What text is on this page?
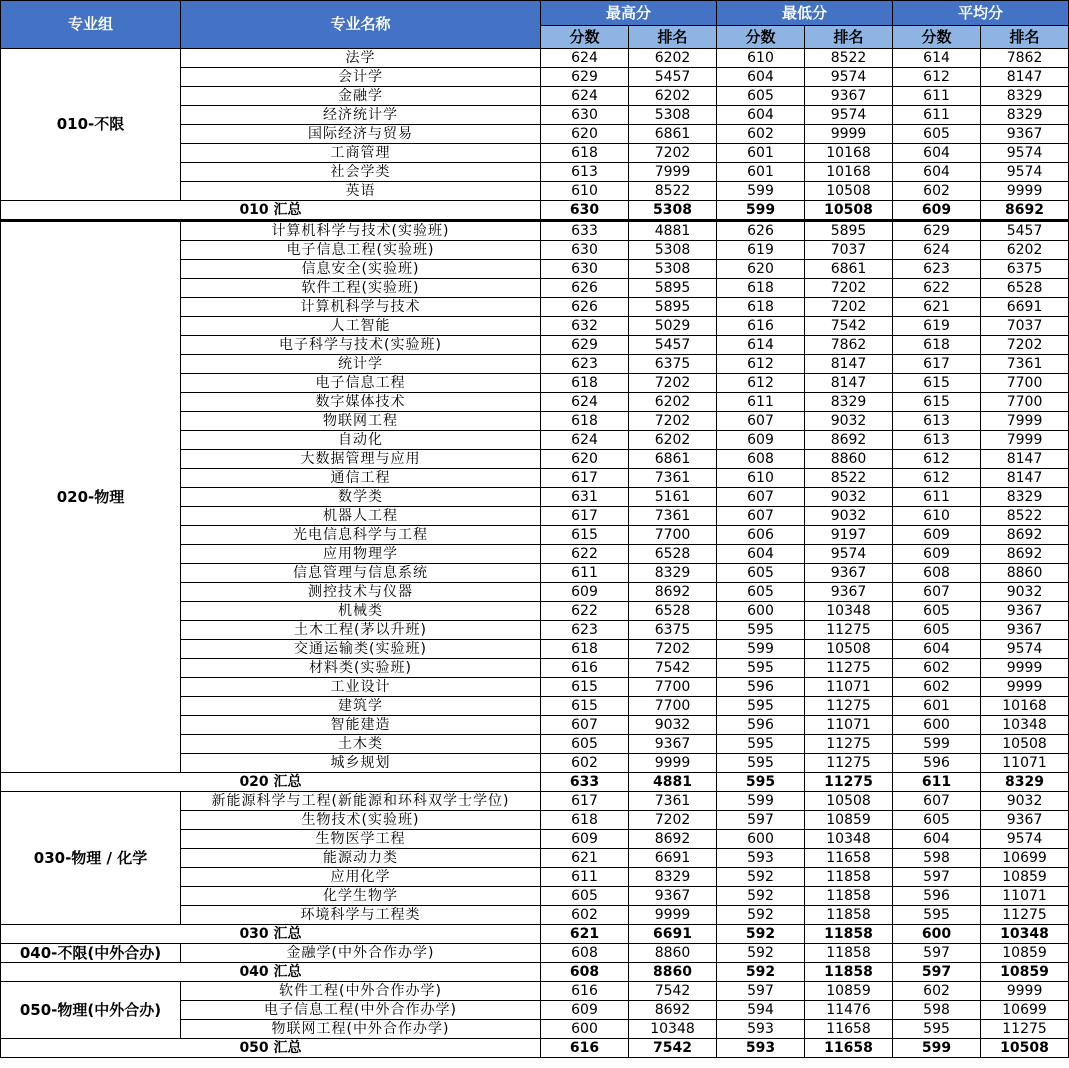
专业组	专业名称	最高分		最低分		平均分	
		分数	排名	分数	排名	分数	排名
010-不限	法学	624	6202	610	8522	614	7862
	会计学	629	5457	604	9574	612	8147
	金融学	624	6202	605	9367	611	8329
	经济统计学	630	5308	604	9574	611	8329
	国际经济与贸易	620	6861	602	9999	605	9367
	工商管理	618	7202	601	10168	604	9574
	社会学类	613	7999	601	10168	604	9574
	英语	610	8522	599	10508	602	9999
010 汇总		630	5308	599	10508	609	8692
020-物理	计算机科学与技术(实验班)	633	4881	626	5895	629	5457
	电子信息工程(实验班)	630	5308	619	7037	624	6202
	信息安全(实验班)	630	5308	620	6861	623	6375
	软件工程(实验班)	626	5895	618	7202	622	6528
	计算机科学与技术	626	5895	618	7202	621	6691
	人工智能	632	5029	616	7542	619	7037
	电子科学与技术(实验班)	629	5457	614	7862	618	7202
	统计学	623	6375	612	8147	617	7361
	电子信息工程	618	7202	612	8147	615	7700
	数字媒体技术	624	6202	611	8329	615	7700
	物联网工程	618	7202	607	9032	613	7999
	自动化	624	6202	609	8692	613	7999
	大数据管理与应用	620	6861	608	8860	612	8147
	通信工程	617	7361	610	8522	612	8147
	数学类	631	5161	607	9032	611	8329
	机器人工程	617	7361	607	9032	610	8522
	光电信息科学与工程	615	7700	606	9197	609	8692
	应用物理学	622	6528	604	9574	609	8692
	信息管理与信息系统	611	8329	605	9367	608	8860
	测控技术与仪器	609	8692	605	9367	607	9032
	机械类	622	6528	600	10348	605	9367
	土木工程(茅以升班)	623	6375	595	11275	605	9367
	交通运输类(实验班)	618	7202	599	10508	604	9574
	材料类(实验班)	616	7542	595	11275	602	9999
	工业设计	615	7700	596	11071	602	9999
	建筑学	615	7700	595	11275	601	10168
	智能建造	607	9032	596	11071	600	10348
	土木类	605	9367	595	11275	599	10508
	城乡规划	602	9999	595	11275	596	11071
020 汇总		633	4881	595	11275	611	8329
030-物理 / 化学	新能源科学与工程(新能源和环科双学士学位)	617	7361	599	10508	607	9032
	生物技术(实验班)	618	7202	597	10859	605	9367
	生物医学工程	609	8692	600	10348	604	9574
	能源动力类	621	6691	593	11658	598	10699
	应用化学	611	8329	592	11858	597	10859
	化学生物学	605	9367	592	11858	596	11071
	环境科学与工程类	602	9999	592	11858	595	11275
030 汇总		621	6691	592	11858	600	10348
040-不限(中外合办)	金融学(中外合作办学)	608	8860	592	11858	597	10859
040 汇总		608	8860	592	11858	597	10859
050-物理(中外合办)	软件工程(中外合作办学)	616	7542	597	10859	602	9999
	电子信息工程(中外合作办学)	609	8692	594	11476	598	10699
	物联网工程(中外合作办学)	600	10348	593	11658	595	11275
050 汇总		616	7542	593	11658	599	10508
